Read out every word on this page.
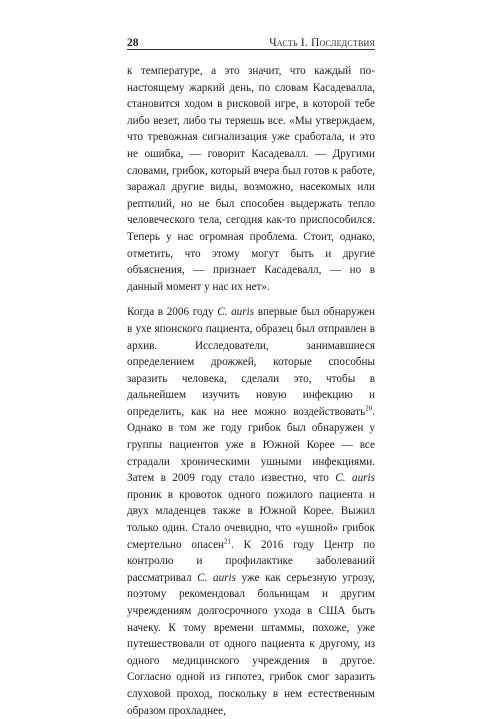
28	Часть I. Последствия

к температуре, а это значит, что каждый по-настоящему жаркий день, по словам Касадевалла, становится ходом в рисковой игре, в которой тебе либо везет, либо ты теряешь все. «Мы утверждаем, что тревожная сигнализация уже сработала, и это не ошибка, — говорит Касадевалл. — Другими словами, грибок, который вчера был готов к работе, заражал другие виды, возможно, насекомых или рептилий, но не был способен выдержать тепло человеческого тела, сегодня как-то приспособился. Теперь у нас огромная проблема. Стоит, однако, отметить, что этому могут быть и другие объяснения, — признает Касадевалл, — но в данный момент у нас их нет».

Когда в 2006 году C. auris впервые был обнаружен в ухе японского пациента, образец был отправлен в архив. Исследователи, занимавшиеся определением дрожжей, которые способны заразить человека, сделали это, чтобы в дальнейшем изучить новую инфекцию и определить, как на нее можно воздействовать$^{20}$. Однако в том же году грибок был обнаружен у группы пациентов уже в Южной Корее — все страдали хроническими ушными инфекциями. Затем в 2009 году стало известно, что C. auris проник в кровоток одного пожилого пациента и двух младенцев также в Южной Корее. Выжил только один. Стало очевидно, что «ушной» грибок смертельно опасен$^{21}$. К 2016 году Центр по контролю и профилактике заболеваний рассматривал C. auris уже как серьезную угрозу, поэтому рекомендовал больницам и другим учреждениям долгосрочного ухода в США быть начеку. К тому времени штаммы, похоже, уже путешествовали от одного пациента к другому, из одного медицинского учреждения в другое. Согласно одной из гипотез, грибок смог заразить слуховой проход, поскольку в нем естественным образом прохладнее,
